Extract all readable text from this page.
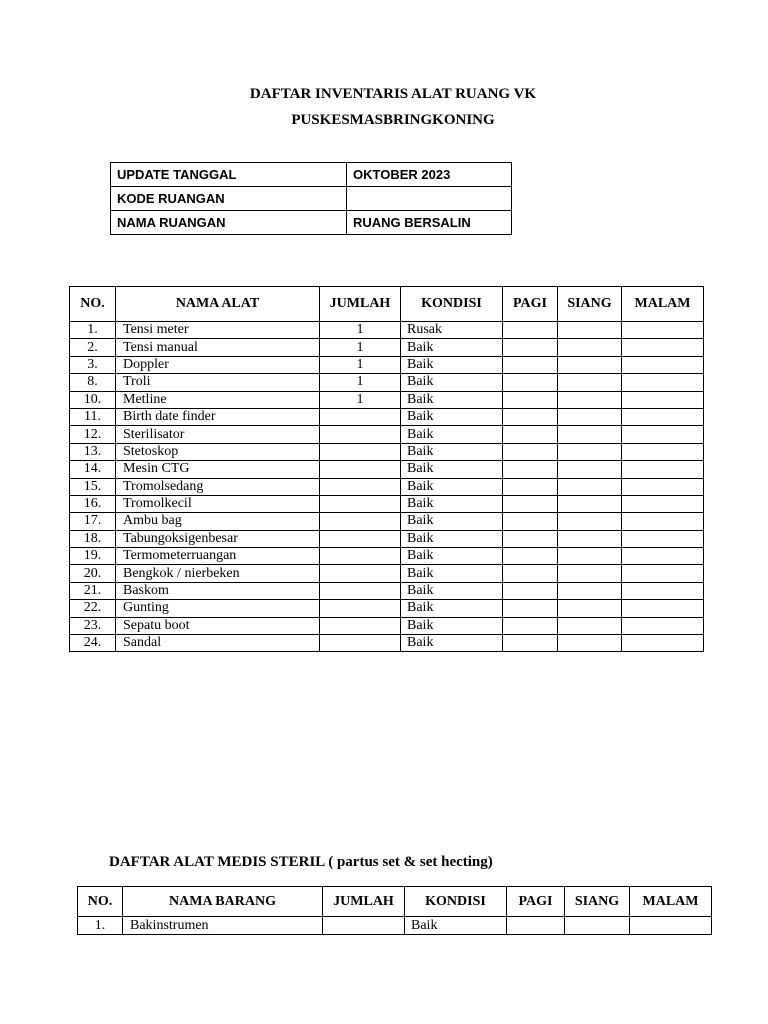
DAFTAR INVENTARIS ALAT RUANG VK
PUSKESMASBRINGKONING
UPDATE TANGGAL	OKTOBER 2023
KODE RUANGAN	
NAMA RUANGAN	RUANG BERSALIN
NO.	NAMA ALAT	JUMLAH	KONDISI	PAGI	SIANG	MALAM
1.	Tensi meter	1	Rusak			
2.	Tensi manual	1	Baik			
3.	Doppler	1	Baik			
8.	Troli	1	Baik			
10.	Metline	1	Baik			
11.	Birth date finder		Baik			
12.	Sterilisator		Baik			
13.	Stetoskop		Baik			
14.	Mesin CTG		Baik			
15.	Tromolsedang		Baik			
16.	Tromolkecil		Baik			
17.	Ambu bag		Baik			
18.	Tabungoksigenbesar		Baik			
19.	Termometerruangan		Baik			
20.	Bengkok / nierbeken		Baik			
21.	Baskom		Baik			
22.	Gunting		Baik			
23.	Sepatu boot		Baik			
24.	Sandal		Baik			
DAFTAR ALAT MEDIS STERIL ( partus set & set hecting)
NO.	NAMA BARANG	JUMLAH	KONDISI	PAGI	SIANG	MALAM
1.	Bakinstrumen		Baik			
